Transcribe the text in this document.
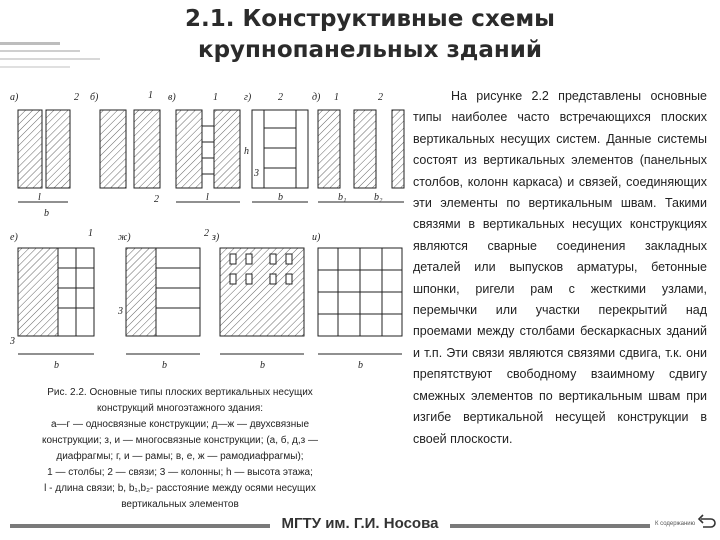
2.1. Конструктивные схемы крупнопанельных зданий
а)	б)	в)	г)	д)
е)	ж)	з)	и)
2	1	1	2	1	2
3
2
1	2
3
3
l
b
l	b
h
b₁	b₂
b	b	b	b
Рис. 2.2. Основные типы плоских вертикальных несущих
конструкций многоэтажного здания:
а—г — односвязные конструкции; д—ж — двухсвязные
конструкции; з, и — многосвязные конструкции; (а, б, д,з —
диафрагмы; г, и — рамы; в, е, ж — рамодиафрагмы);
1 — столбы; 2 — связи; 3 — колонны; h — высота этажа;
l - длина связи; b, b₁,b₂- расстояние между осями несущих
вертикальных элементов
На рисунке 2.2 представлены основные типы наиболее часто встречающихся плоских вертикальных несущих систем. Данные системы состоят из вертикальных элементов (панельных столбов, колонн каркаса) и связей, соединяющих эти элементы по вертикальным швам. Такими связями в вертикальных несущих конструкциях являются сварные соединения закладных деталей или выпусков арматуры, бетонные шпонки, ригели рам с жесткими узлами, перемычки или участки перекрытий над проемами между столбами бескаркасных зданий и т.п. Эти связи являются связями сдвига, т.к. они препятствуют свободному взаимному сдвигу смежных элементов по вертикальным швам при изгибе вертикальной несущей конструкции в своей плоскости.
МГТУ им. Г.И. Носова	К содержанию
